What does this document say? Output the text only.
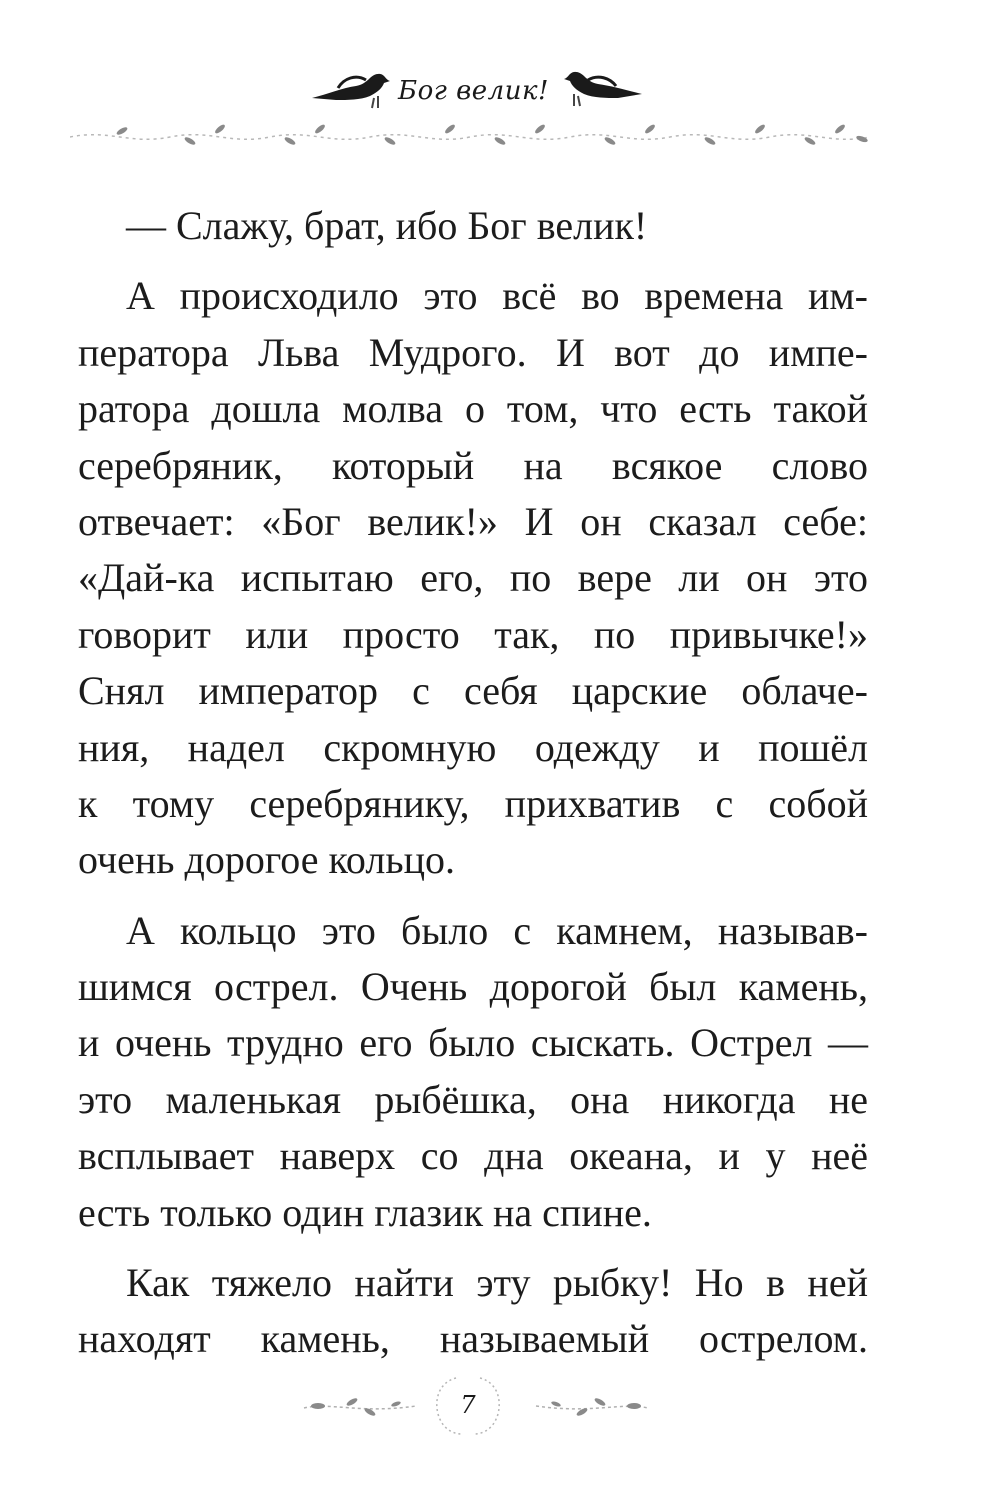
Бог велик!
— Слажу, брат, ибо Бог велик!
А происходило это всё во времена им-
ператора Льва Мудрого. И вот до импе-
ратора дошла молва о том, что есть такой
серебряник, который на всякое слово
отвечает: «Бог велик!» И он сказал себе:
«Дай-ка испытаю его, по вере ли он это
говорит или просто так, по привычке!»
Снял император с себя царские облаче-
ния, надел скромную одежду и пошёл
к тому серебрянику, прихватив с собой
очень дорогое кольцо.
А кольцо это было с камнем, называв-
шимся острел. Очень дорогой был камень,
и очень трудно его было сыскать. Острел —
это маленькая рыбёшка, она никогда не
всплывает наверх со дна океана, и у неё
есть только один глазик на спине.
Как тяжело найти эту рыбку! Но в ней
находят камень, называемый острелом.
7
